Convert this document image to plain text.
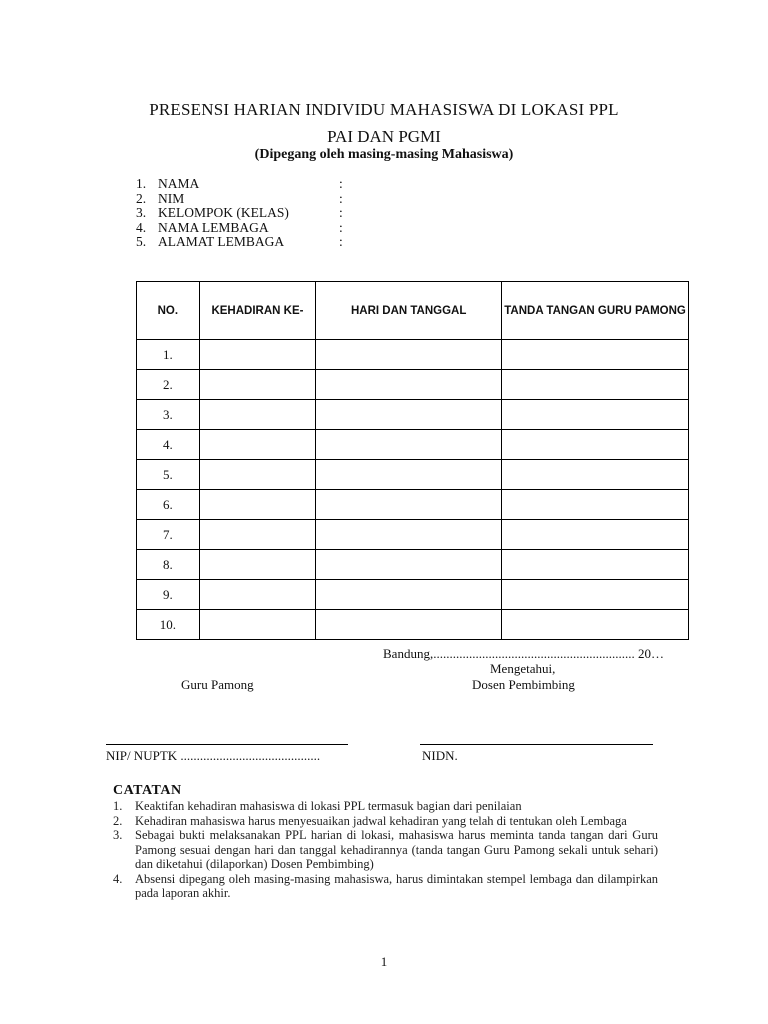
PRESENSI HARIAN INDIVIDU MAHASISWA DI LOKASI PPL
PAI DAN PGMI
(Dipegang oleh masing-masing Mahasiswa)
1. NAMA	:
2. NIM	:
3. KELOMPOK (KELAS)	:
4. NAMA LEMBAGA	:
5. ALAMAT LEMBAGA	:
NO.	KEHADIRAN KE-	HARI DAN TANGGAL	TANDA TANGAN GURU PAMONG
1.			
2.			
3.			
4.			
5.			
6.			
7.			
8.			
9.			
10.			
Bandung,.............................................................. 20…
Mengetahui,
Guru Pamong	Dosen Pembimbing
NIP/ NUPTK ...........................................	NIDN.
CATATAN
1. Keaktifan kehadiran mahasiswa di lokasi PPL termasuk bagian dari penilaian
2. Kehadiran mahasiswa harus menyesuaikan jadwal kehadiran yang telah di tentukan oleh Lembaga
3. Sebagai bukti melaksanakan PPL harian di lokasi, mahasiswa harus meminta tanda tangan dari Guru Pamong sesuai dengan hari dan tanggal kehadirannya (tanda tangan Guru Pamong sekali untuk sehari) dan diketahui (dilaporkan) Dosen Pembimbing)
4. Absensi dipegang oleh masing-masing mahasiswa, harus dimintakan stempel lembaga dan dilampirkan pada laporan akhir.
1
